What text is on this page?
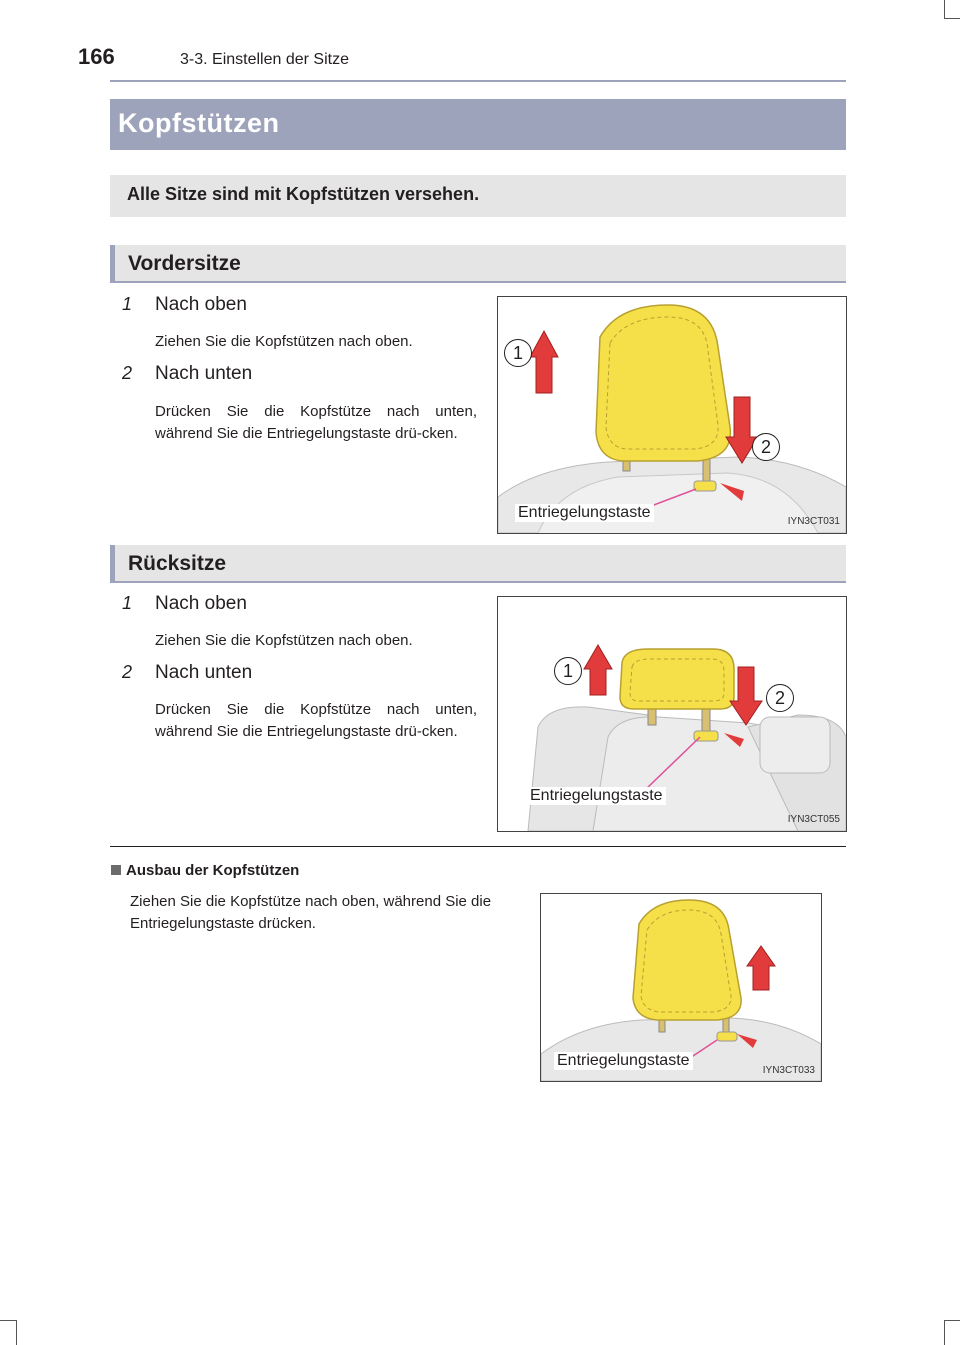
166	3-3. Einstellen der Sitze
Kopfstützen
Alle Sitze sind mit Kopfstützen versehen.
Vordersitze
1 Nach oben
Ziehen Sie die Kopfstützen nach oben.
2 Nach unten
Drücken Sie die Kopfstütze nach unten, während Sie die Entriegelungstaste drü-cken.
1
2
Entriegelungstaste
IYN3CT031
Rücksitze
1 Nach oben
Ziehen Sie die Kopfstützen nach oben.
2 Nach unten
Drücken Sie die Kopfstütze nach unten, während Sie die Entriegelungstaste drü-cken.
1
2
Entriegelungstaste
IYN3CT055
Ausbau der Kopfstützen
Ziehen Sie die Kopfstütze nach oben, während Sie die Entriegelungstaste drücken.
Entriegelungstaste
IYN3CT033
